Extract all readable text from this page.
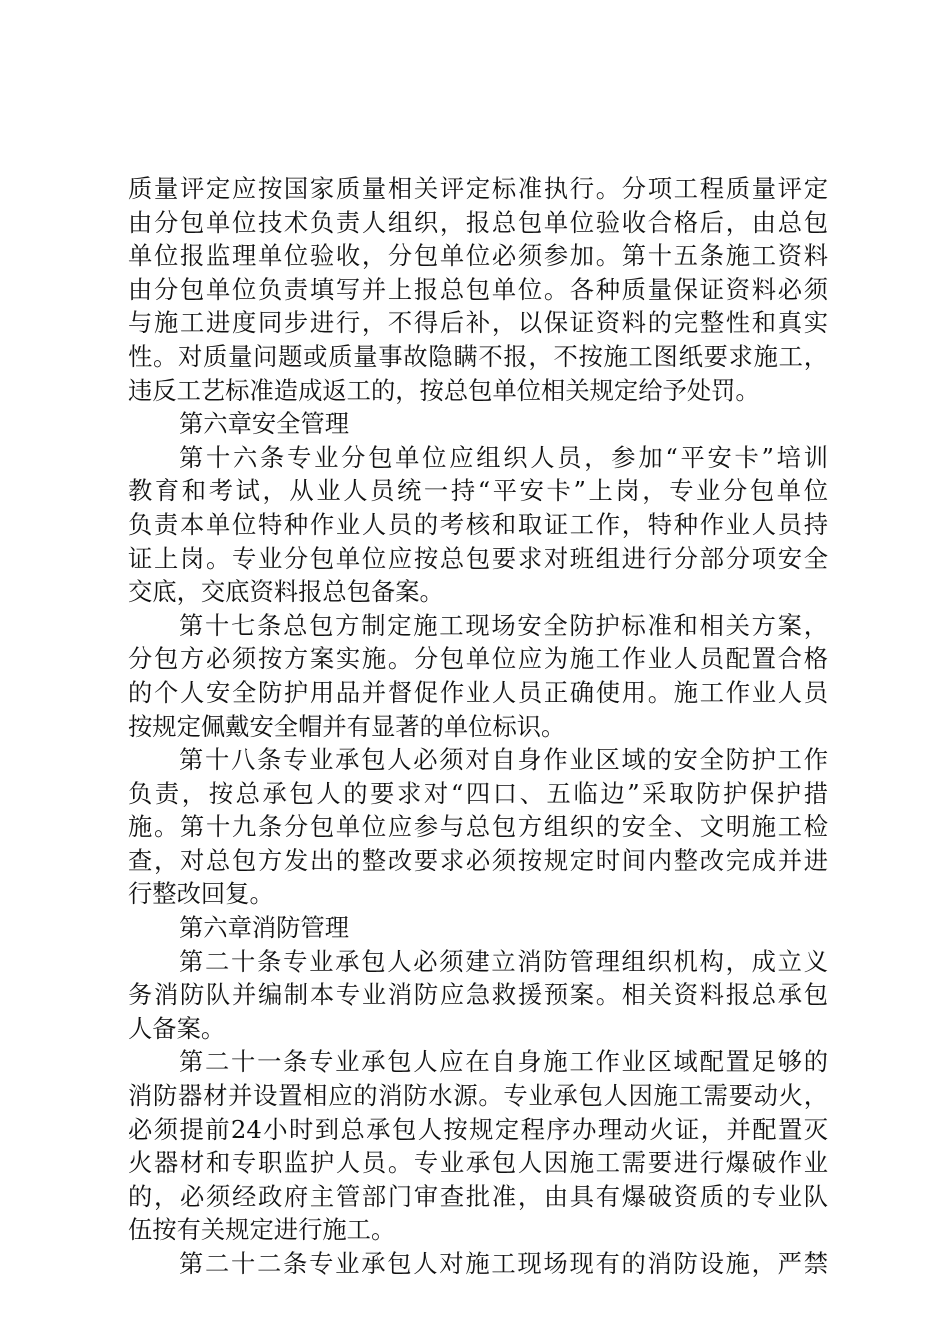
质量评定应按国家质量相关评定标准执行。分项工程质量评定
由分包单位技术负责人组织，报总包单位验收合格后，由总包
单位报监理单位验收，分包单位必须参加。第十五条施工资料
由分包单位负责填写并上报总包单位。各种质量保证资料必须
与施工进度同步进行，不得后补，以保证资料的完整性和真实
性。对质量问题或质量事故隐瞒不报，不按施工图纸要求施工，
违反工艺标准造成返工的，按总包单位相关规定给予处罚。
第六章安全管理
第十六条专业分包单位应组织人员，参加“平安卡”培训
教育和考试，从业人员统一持“平安卡”上岗，专业分包单位
负责本单位特种作业人员的考核和取证工作，特种作业人员持
证上岗。专业分包单位应按总包要求对班组进行分部分项安全
交底，交底资料报总包备案。
第十七条总包方制定施工现场安全防护标准和相关方案，
分包方必须按方案实施。分包单位应为施工作业人员配置合格
的个人安全防护用品并督促作业人员正确使用。施工作业人员
按规定佩戴安全帽并有显著的单位标识。
第十八条专业承包人必须对自身作业区域的安全防护工作
负责，按总承包人的要求对“四口、五临边”采取防护保护措
施。第十九条分包单位应参与总包方组织的安全、文明施工检
查，对总包方发出的整改要求必须按规定时间内整改完成并进
行整改回复。
第六章消防管理
第二十条专业承包人必须建立消防管理组织机构，成立义
务消防队并编制本专业消防应急救援预案。相关资料报总承包
人备案。
第二十一条专业承包人应在自身施工作业区域配置足够的
消防器材并设置相应的消防水源。专业承包人因施工需要动火，
必须提前24小时到总承包人按规定程序办理动火证，并配置灭
火器材和专职监护人员。专业承包人因施工需要进行爆破作业
的，必须经政府主管部门审查批准，由具有爆破资质的专业队
伍按有关规定进行施工。
第二十二条专业承包人对施工现场现有的消防设施，严禁
